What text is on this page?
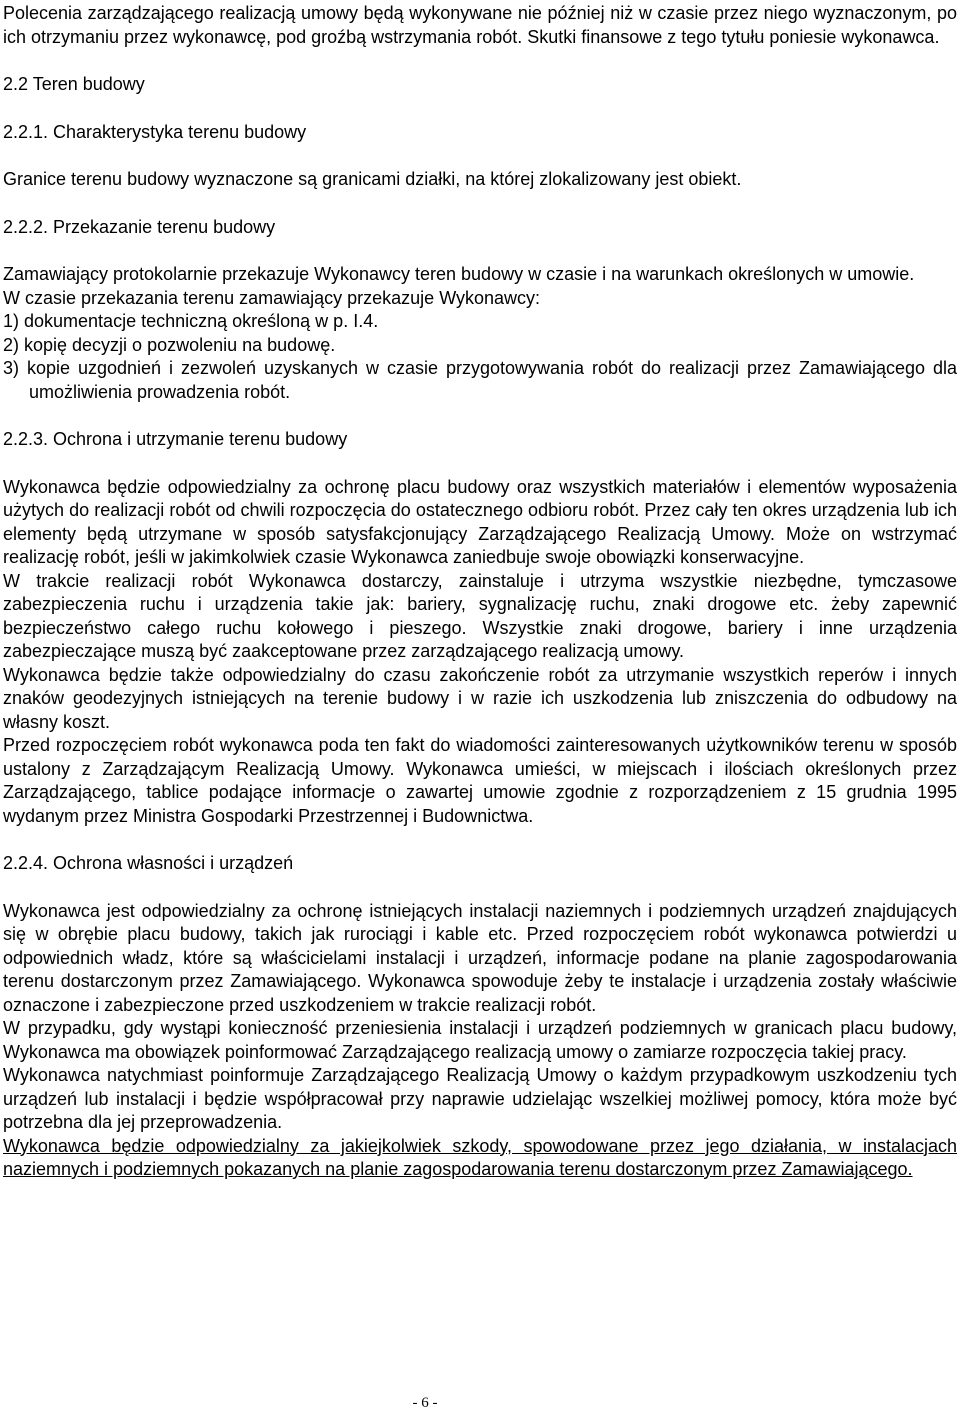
Polecenia zarządzającego realizacją umowy będą wykonywane nie później niż w czasie przez niego wyznaczonym, po ich otrzymaniu przez wykonawcę, pod groźbą wstrzymania robót. Skutki finansowe z tego tytułu poniesie wykonawca.

2.2 Teren budowy

2.2.1. Charakterystyka terenu budowy

Granice terenu budowy wyznaczone są granicami działki, na której zlokalizowany jest obiekt.

2.2.2. Przekazanie terenu budowy

Zamawiający protokolarnie przekazuje Wykonawcy teren budowy w czasie i na warunkach określonych w umowie.

W czasie przekazania terenu zamawiający przekazuje Wykonawcy:

1) dokumentacje techniczną określoną w p. I.4.

2) kopię decyzji o pozwoleniu na budowę.

3) kopie uzgodnień i zezwoleń uzyskanych w czasie przygotowywania robót do realizacji przez Zamawiającego dla umożliwienia prowadzenia robót.

2.2.3. Ochrona i utrzymanie terenu budowy

Wykonawca będzie odpowiedzialny za ochronę placu budowy oraz wszystkich materiałów i elementów wyposażenia użytych do realizacji robót od chwili rozpoczęcia do ostatecznego odbioru robót. Przez cały ten okres urządzenia lub ich elementy będą utrzymane w sposób satysfakcjonujący Zarządzającego Realizacją Umowy. Może on wstrzymać realizację robót, jeśli w jakimkolwiek czasie Wykonawca zaniedbuje swoje obowiązki konserwacyjne.

W trakcie realizacji robót Wykonawca dostarczy, zainstaluje i utrzyma wszystkie niezbędne, tymczasowe zabezpieczenia ruchu i urządzenia takie jak: bariery, sygnalizację ruchu, znaki drogowe etc. żeby zapewnić bezpieczeństwo całego ruchu kołowego i pieszego. Wszystkie znaki drogowe, bariery i inne urządzenia zabezpieczające muszą być zaakceptowane przez zarządzającego realizacją umowy.

Wykonawca będzie także odpowiedzialny do czasu zakończenie robót za utrzymanie wszystkich reperów i innych znaków geodezyjnych istniejących na terenie budowy i w razie ich uszkodzenia lub zniszczenia do odbudowy na własny koszt.

Przed rozpoczęciem robót wykonawca poda ten fakt do wiadomości zainteresowanych użytkowników terenu w sposób ustalony z Zarządzającym Realizacją Umowy. Wykonawca umieści, w miejscach i ilościach określonych przez Zarządzającego, tablice podające informacje o zawartej umowie zgodnie z rozporządzeniem z 15 grudnia 1995 wydanym przez Ministra Gospodarki Przestrzennej i Budownictwa.

2.2.4. Ochrona własności i urządzeń

Wykonawca jest odpowiedzialny za ochronę istniejących instalacji naziemnych i podziemnych urządzeń znajdujących się w obrębie placu budowy, takich jak rurociągi i kable etc. Przed rozpoczęciem robót wykonawca potwierdzi u odpowiednich władz, które są właścicielami instalacji i urządzeń, informacje podane na planie zagospodarowania terenu dostarczonym przez Zamawiającego. Wykonawca spowoduje żeby te instalacje i urządzenia zostały właściwie oznaczone i zabezpieczone przed uszkodzeniem w trakcie realizacji robót.

W przypadku, gdy wystąpi konieczność przeniesienia instalacji i urządzeń podziemnych w granicach placu budowy, Wykonawca ma obowiązek poinformować Zarządzającego realizacją umowy o zamiarze rozpoczęcia takiej pracy.

Wykonawca natychmiast poinformuje Zarządzającego Realizacją Umowy o każdym przypadkowym uszkodzeniu tych urządzeń lub instalacji i będzie współpracował przy naprawie udzielając wszelkiej możliwej pomocy, która może być potrzebna dla jej przeprowadzenia.

Wykonawca będzie odpowiedzialny za jakiejkolwiek szkody, spowodowane przez jego działania, w instalacjach naziemnych i podziemnych pokazanych na planie zagospodarowania terenu dostarczonym przez Zamawiającego.

- 6 -
